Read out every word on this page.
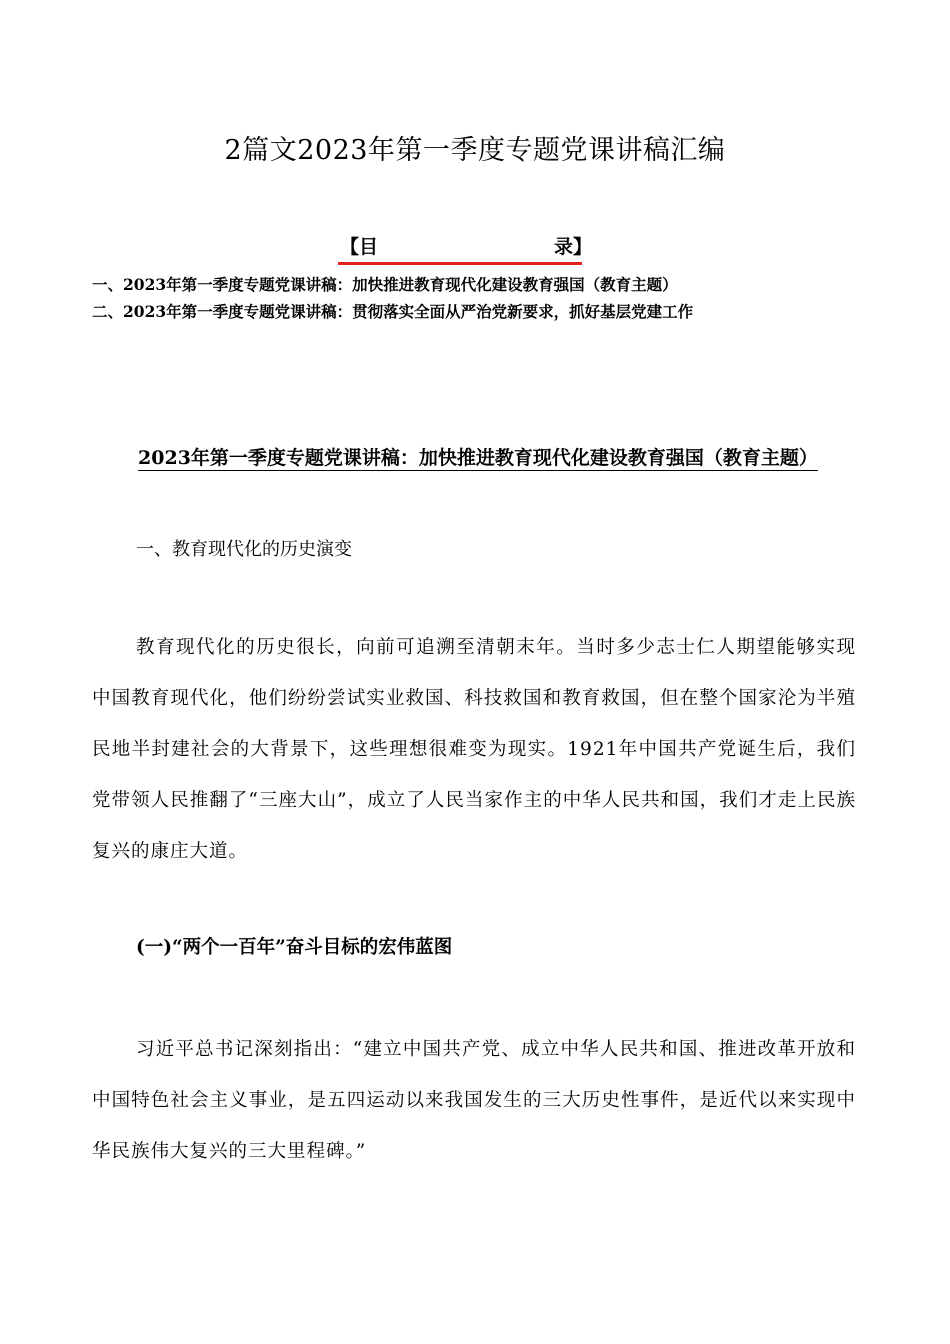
2篇文2023年第一季度专题党课讲稿汇编
【目	录】
一、2023年第一季度专题党课讲稿：加快推进教育现代化建设教育强国（教育主题）
二、2023年第一季度专题党课讲稿：贯彻落实全面从严治党新要求，抓好基层党建工作
2023年第一季度专题党课讲稿：加快推进教育现代化建设教育强国（教育主题）
一、教育现代化的历史演变
教育现代化的历史很长，向前可追溯至清朝末年。当时多少志士仁人期望能够实现中国教育现代化，他们纷纷尝试实业救国、科技救国和教育救国，但在整个国家沦为半殖民地半封建社会的大背景下，这些理想很难变为现实。1921年中国共产党诞生后，我们党带领人民推翻了“三座大山”，成立了人民当家作主的中华人民共和国，我们才走上民族复兴的康庄大道。
(一)“两个一百年”奋斗目标的宏伟蓝图
习近平总书记深刻指出：“建立中国共产党、成立中华人民共和国、推进改革开放和中国特色社会主义事业，是五四运动以来我国发生的三大历史性事件，是近代以来实现中华民族伟大复兴的三大里程碑。”
